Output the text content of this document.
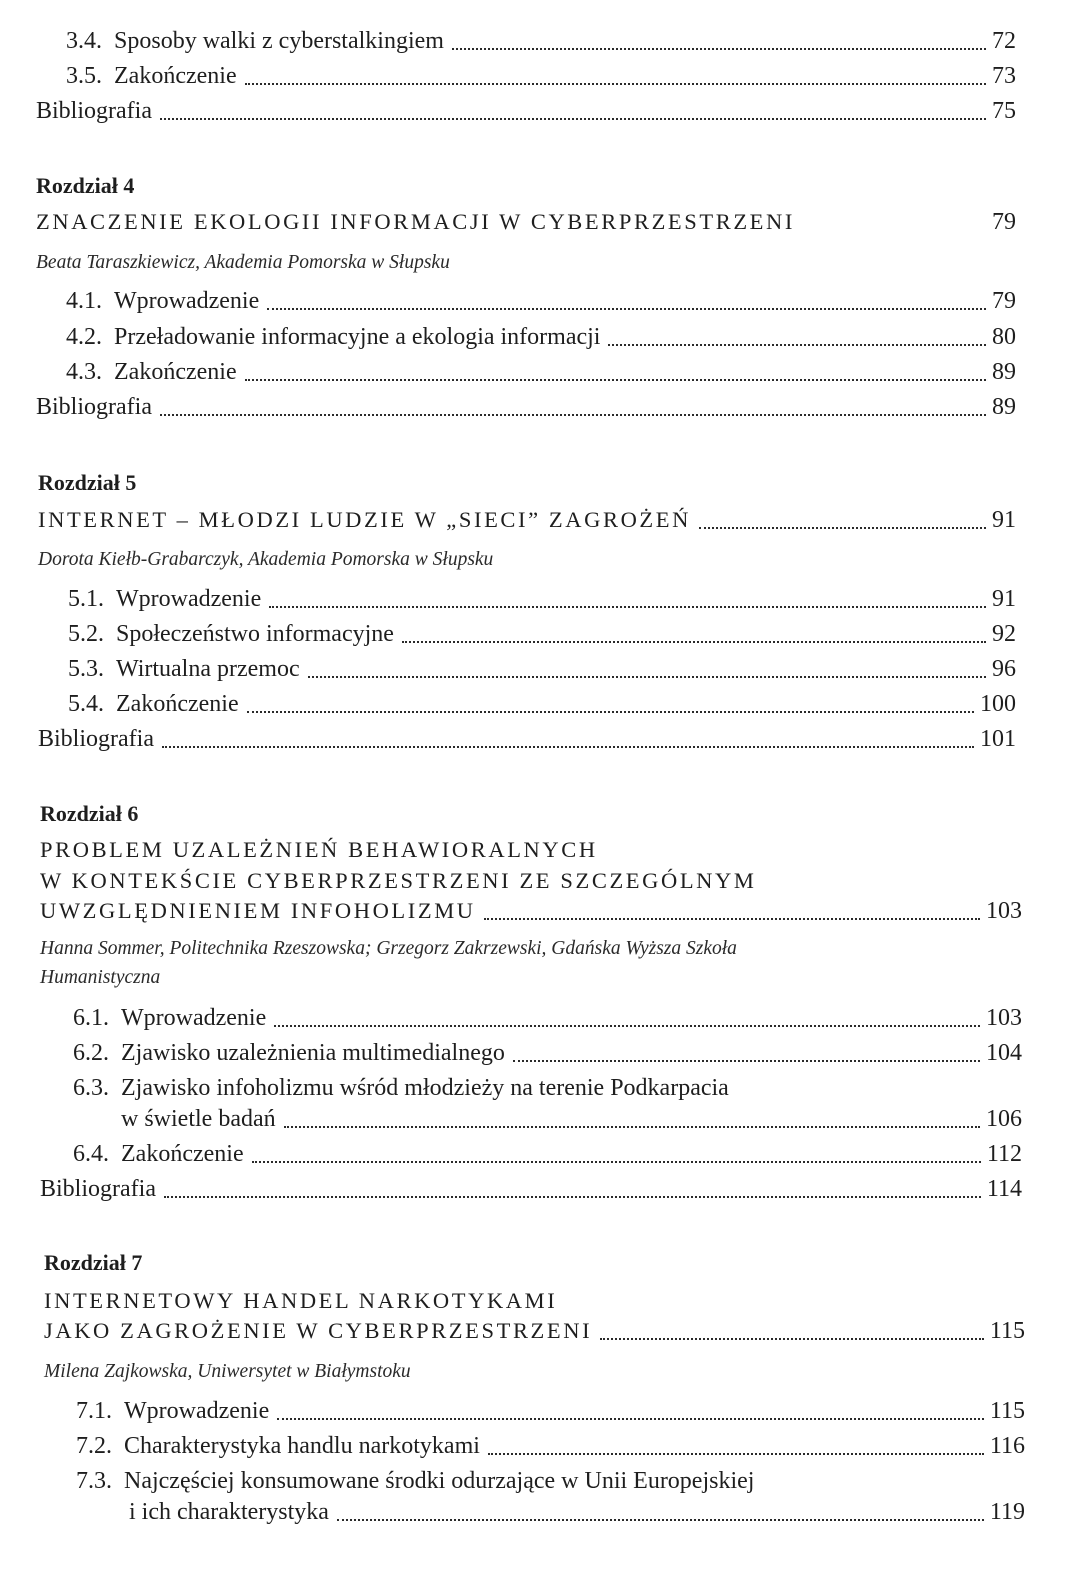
3.4. Sposoby walki z cyberstalkingiem	72
3.5. Zakończenie	73
Bibliografia	75
Rozdział 4
ZNACZENIE EKOLOGII INFORMACJI W CYBERPRZESTRZENI	79
Beata Taraszkiewicz, Akademia Pomorska w Słupsku
4.1. Wprowadzenie	79
4.2. Przeładowanie informacyjne a ekologia informacji	80
4.3. Zakończenie	89
Bibliografia	89
Rozdział 5
INTERNET – MŁODZI LUDZIE W „SIECI” ZAGROŻEŃ	91
Dorota Kiełb-Grabarczyk, Akademia Pomorska w Słupsku
5.1. Wprowadzenie	91
5.2. Społeczeństwo informacyjne	92
5.3. Wirtualna przemoc	96
5.4. Zakończenie	100
Bibliografia	101
Rozdział 6
PROBLEM UZALEŻNIEŃ BEHAWIORALNYCH
W KONTEKŚCIE CYBERPRZESTRZENI ZE SZCZEGÓLNYM
UWZGLĘDNIENIEM INFOHOLIZMU	103
Hanna Sommer, Politechnika Rzeszowska; Grzegorz Zakrzewski, Gdańska Wyższa Szkoła
Humanistyczna
6.1. Wprowadzenie	103
6.2. Zjawisko uzależnienia multimedialnego	104
6.3. Zjawisko infoholizmu wśród młodzieży na terenie Podkarpacia
w świetle badań	106
6.4. Zakończenie	112
Bibliografia	114
Rozdział 7
INTERNETOWY HANDEL NARKOTYKAMI
JAKO ZAGROŻENIE W CYBERPRZESTRZENI	115
Milena Zajkowska, Uniwersytet w Białymstoku
7.1. Wprowadzenie	115
7.2. Charakterystyka handlu narkotykami	116
7.3. Najczęściej konsumowane środki odurzające w Unii Europejskiej
i ich charakterystyka	119
